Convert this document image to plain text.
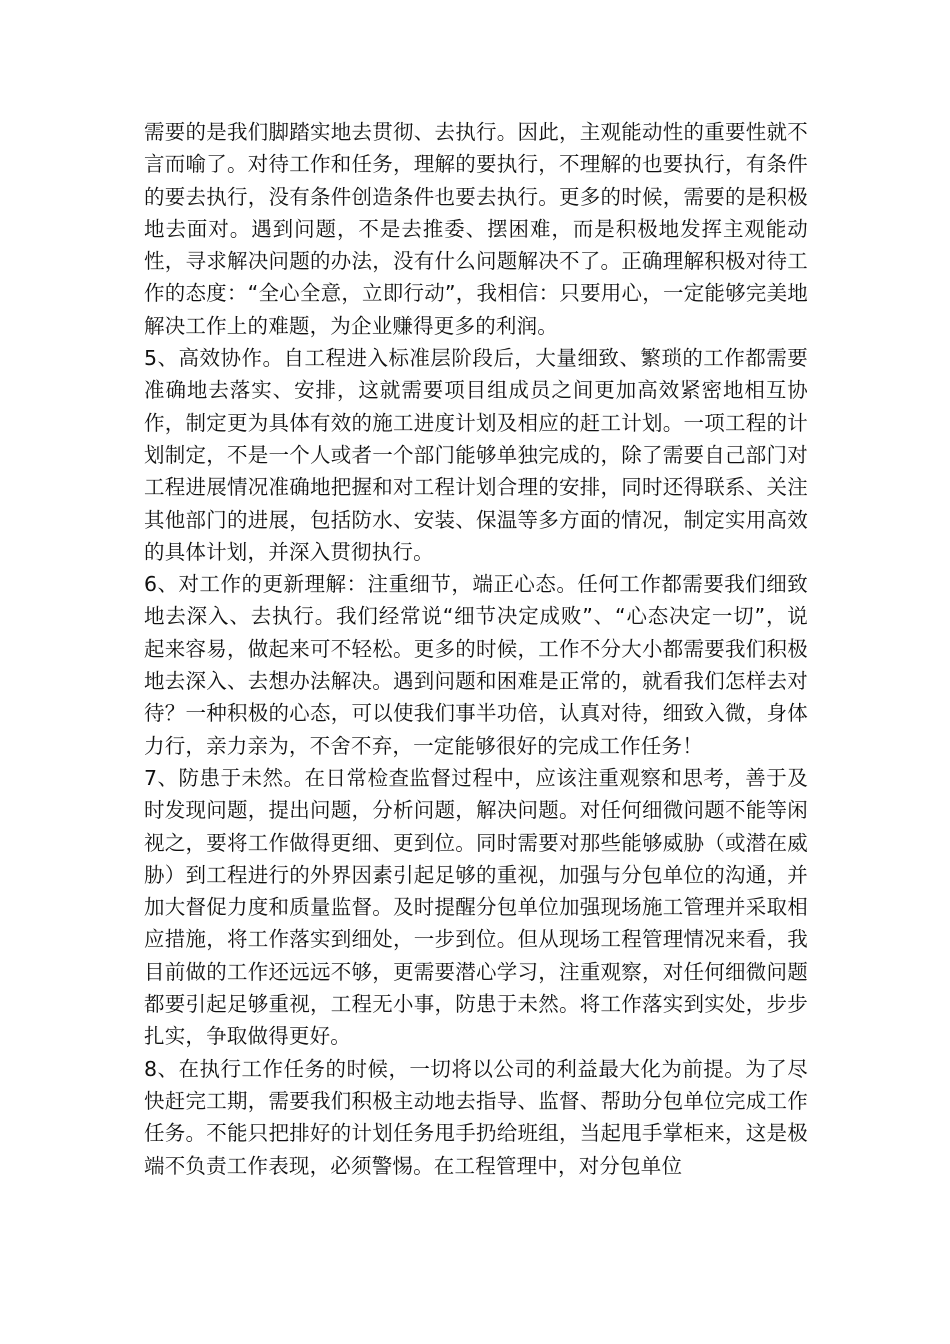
需要的是我们脚踏实地去贯彻、去执行。因此，主观能动性的重要性就不言而喻了。对待工作和任务，理解的要执行，不理解的也要执行，有条件的要去执行，没有条件创造条件也要去执行。更多的时候，需要的是积极地去面对。遇到问题，不是去推委、摆困难，而是积极地发挥主观能动性，寻求解决问题的办法，没有什么问题解决不了。正确理解积极对待工作的态度：“全心全意，立即行动”，我相信：只要用心，一定能够完美地解决工作上的难题，为企业赚得更多的利润。

5、高效协作。自工程进入标准层阶段后，大量细致、繁琐的工作都需要准确地去落实、安排，这就需要项目组成员之间更加高效紧密地相互协作，制定更为具体有效的施工进度计划及相应的赶工计划。一项工程的计划制定，不是一个人或者一个部门能够单独完成的，除了需要自己部门对工程进展情况准确地把握和对工程计划合理的安排，同时还得联系、关注其他部门的进展，包括防水、安装、保温等多方面的情况，制定实用高效的具体计划，并深入贯彻执行。

6、对工作的更新理解：注重细节，端正心态。任何工作都需要我们细致地去深入、去执行。我们经常说“细节决定成败”、“心态决定一切”，说起来容易，做起来可不轻松。更多的时候，工作不分大小都需要我们积极地去深入、去想办法解决。遇到问题和困难是正常的，就看我们怎样去对待？一种积极的心态，可以使我们事半功倍，认真对待，细致入微，身体力行，亲力亲为，不舍不弃，一定能够很好的完成工作任务！

7、防患于未然。在日常检查监督过程中，应该注重观察和思考，善于及时发现问题，提出问题，分析问题，解决问题。对任何细微问题不能等闲视之，要将工作做得更细、更到位。同时需要对那些能够威胁（或潜在威胁）到工程进行的外界因素引起足够的重视，加强与分包单位的沟通，并加大督促力度和质量监督。及时提醒分包单位加强现场施工管理并采取相应措施，将工作落实到细处，一步到位。但从现场工程管理情况来看，我目前做的工作还远远不够，更需要潜心学习，注重观察，对任何细微问题都要引起足够重视，工程无小事，防患于未然。将工作落实到实处，步步扎实，争取做得更好。

8、在执行工作任务的时候，一切将以公司的利益最大化为前提。为了尽快赶完工期，需要我们积极主动地去指导、监督、帮助分包单位完成工作任务。不能只把排好的计划任务甩手扔给班组，当起甩手掌柜来，这是极端不负责工作表现，必须警惕。在工程管理中，对分包单位
